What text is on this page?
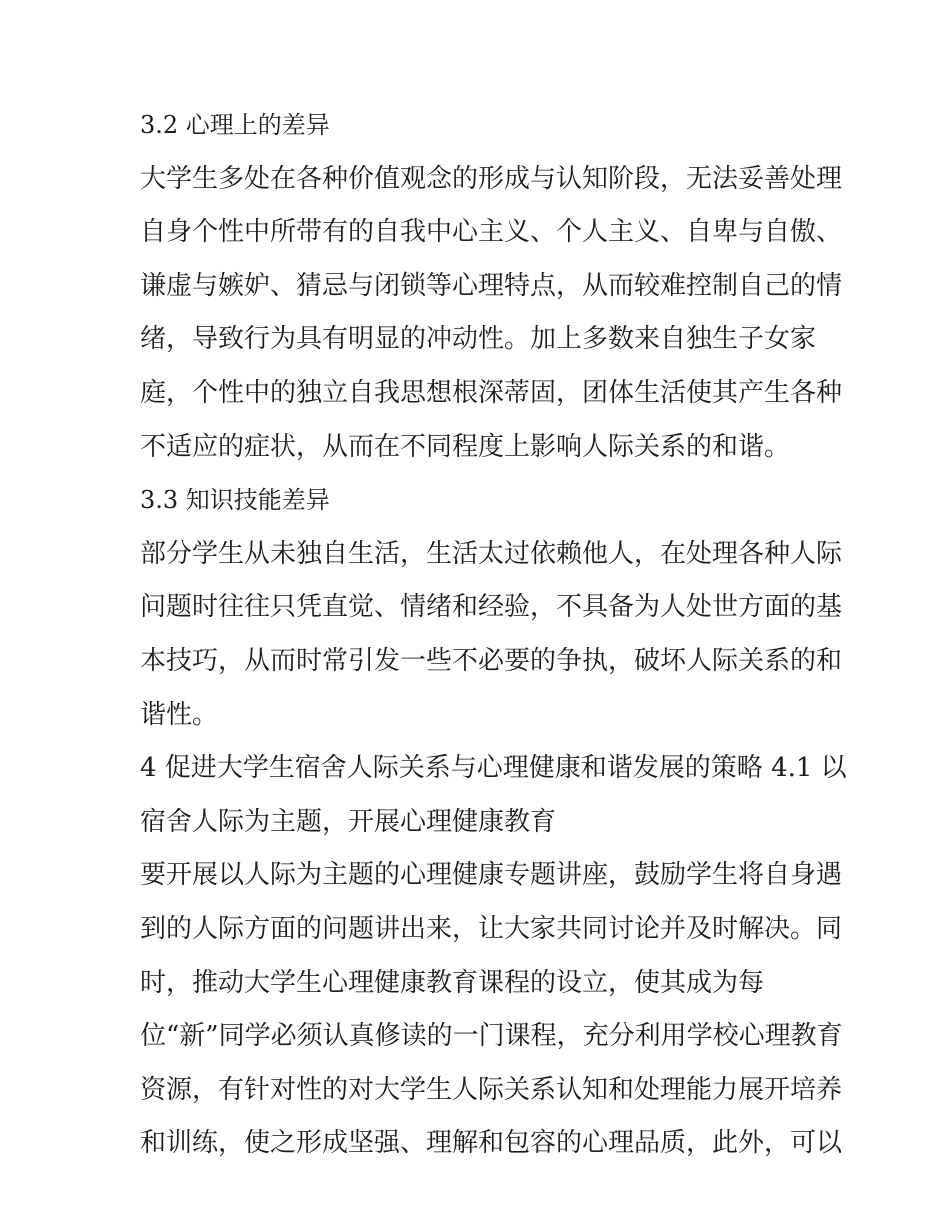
3.2 心理上的差异
大学生多处在各种价值观念的形成与认知阶段，无法妥善处理
自身个性中所带有的自我中心主义、个人主义、自卑与自傲、
谦虚与嫉妒、猜忌与闭锁等心理特点，从而较难控制自己的情
绪，导致行为具有明显的冲动性。加上多数来自独生子女家
庭，个性中的独立自我思想根深蒂固，团体生活使其产生各种
不适应的症状，从而在不同程度上影响人际关系的和谐。
3.3 知识技能差异
部分学生从未独自生活，生活太过依赖他人，在处理各种人际
问题时往往只凭直觉、情绪和经验，不具备为人处世方面的基
本技巧，从而时常引发一些不必要的争执，破坏人际关系的和
谐性。
4 促进大学生宿舍人际关系与心理健康和谐发展的策略 4.1 以
宿舍人际为主题，开展心理健康教育
要开展以人际为主题的心理健康专题讲座，鼓励学生将自身遇
到的人际方面的问题讲出来，让大家共同讨论并及时解决。同
时，推动大学生心理健康教育课程的设立，使其成为每
位“新”同学必须认真修读的一门课程，充分利用学校心理教育
资源，有针对性的对大学生人际关系认知和处理能力展开培养
和训练，使之形成坚强、理解和包容的心理品质，此外，可以
